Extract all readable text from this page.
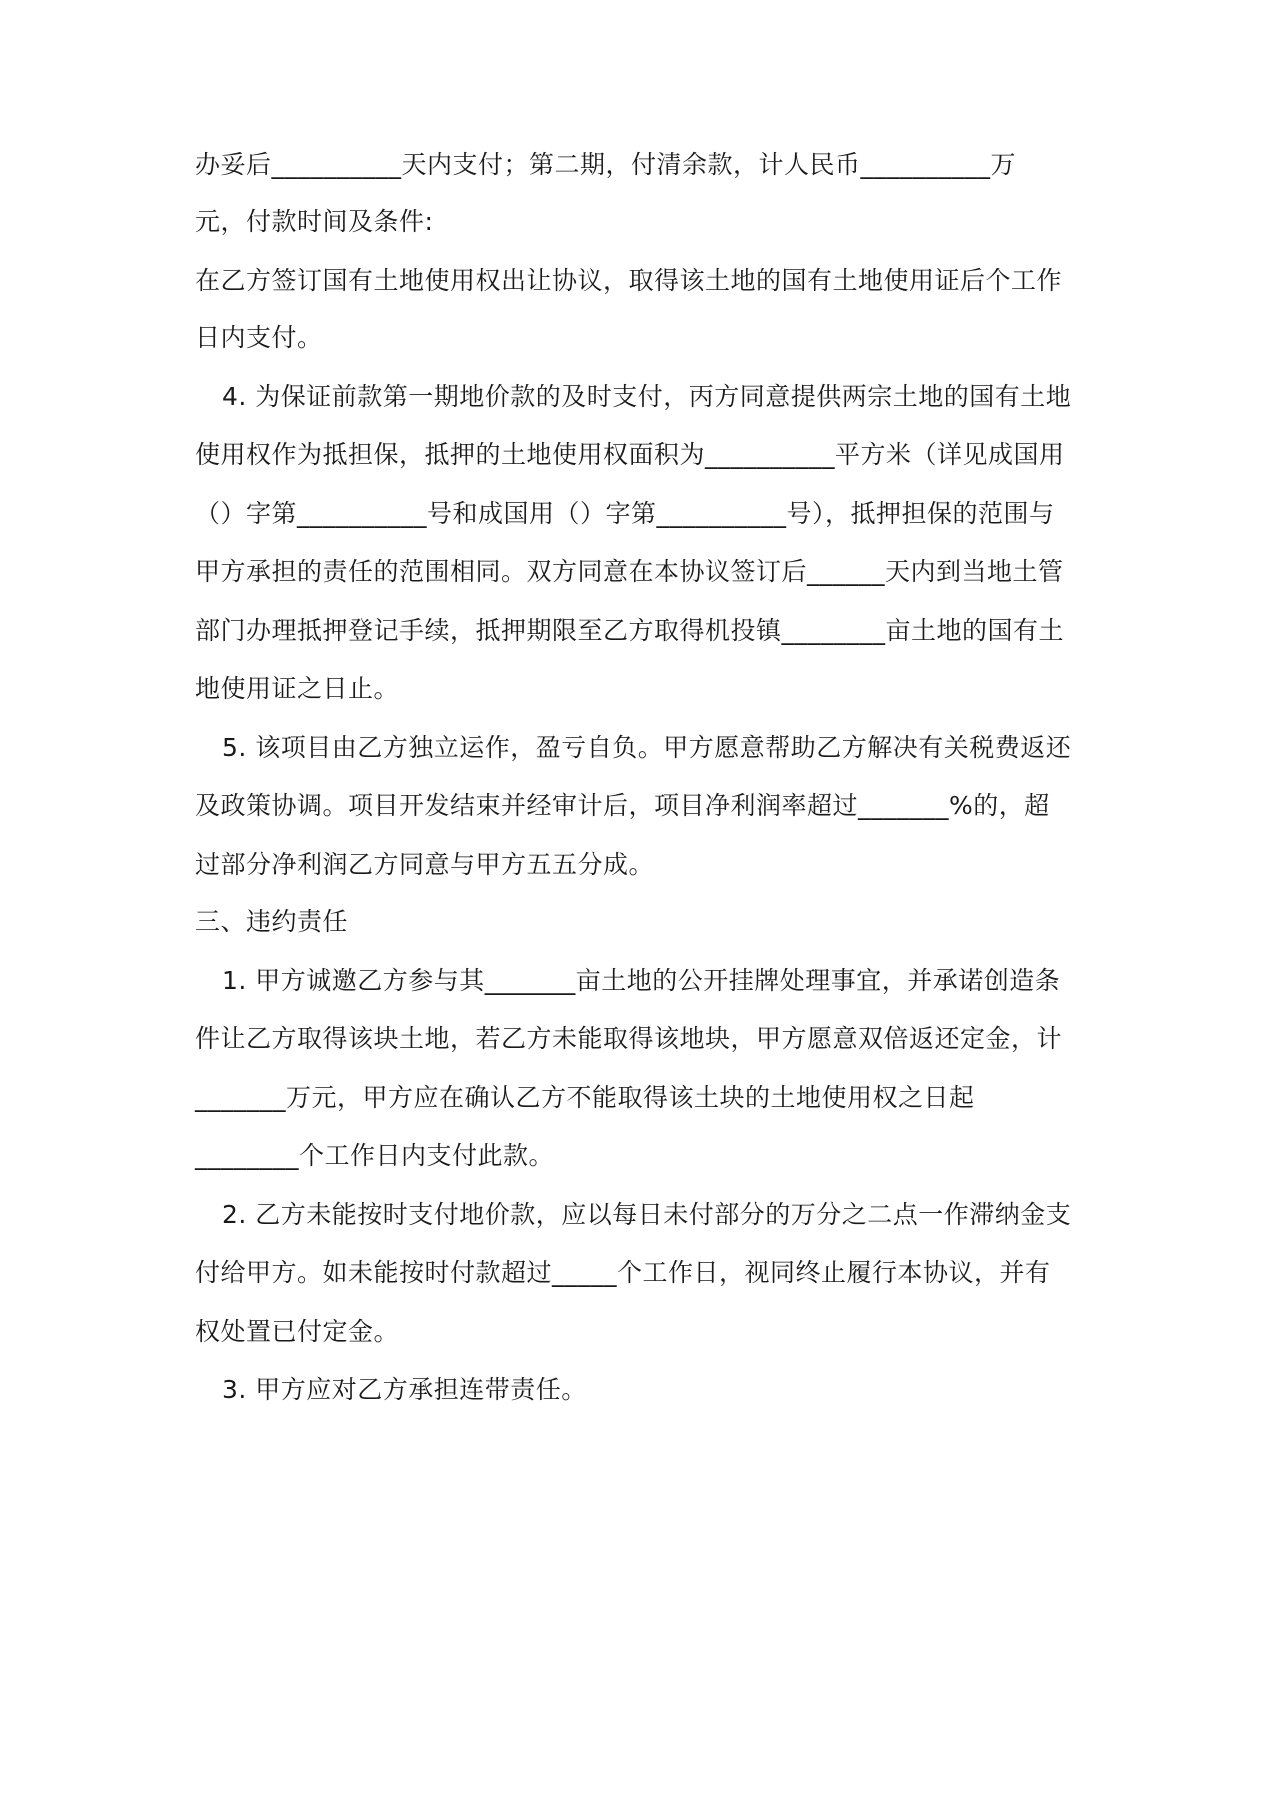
办妥后__________天内支付；第二期，付清余款，计人民币__________万
元，付款时间及条件:
在乙方签订国有土地使用权出让协议，取得该土地的国有土地使用证后个工作
日内支付。
4. 为保证前款第一期地价款的及时支付，丙方同意提供两宗土地的国有土地
使用权作为抵担保，抵押的土地使用权面积为__________平方米（详见成国用
（）字第__________号和成国用（）字第__________号），抵押担保的范围与
甲方承担的责任的范围相同。双方同意在本协议签订后______天内到当地土管
部门办理抵押登记手续，抵押期限至乙方取得机投镇________亩土地的国有土
地使用证之日止。
5. 该项目由乙方独立运作，盈亏自负。甲方愿意帮助乙方解决有关税费返还
及政策协调。项目开发结束并经审计后，项目净利润率超过_______%的，超
过部分净利润乙方同意与甲方五五分成。
三、违约责任
1. 甲方诚邀乙方参与其_______亩土地的公开挂牌处理事宜，并承诺创造条
件让乙方取得该块土地，若乙方未能取得该地块，甲方愿意双倍返还定金，计
_______万元，甲方应在确认乙方不能取得该土块的土地使用权之日起
________个工作日内支付此款。
2. 乙方未能按时支付地价款，应以每日未付部分的万分之二点一作滞纳金支
付给甲方。如未能按时付款超过_____个工作日，视同终止履行本协议，并有
权处置已付定金。
3. 甲方应对乙方承担连带责任。
